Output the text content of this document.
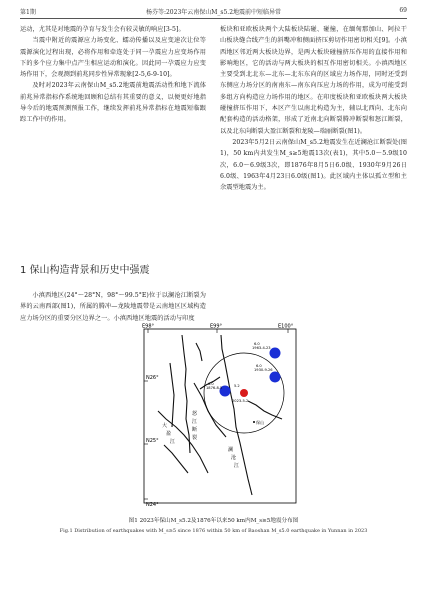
第1期	杨芬等:2023年云南保山M_s5.2地震前中短临异常	69

运动，尤其是对地震的孕育与发生会有较灵敏的响应[3-5]。

当震中附近的震源应力场变化、蠕动传播以及应变速次让位等震源演化过程出现，必将作用和牵连处于同一孕震应力应变场作用下的多个应力集中点产生相应运动和演化。因此同一孕震应力应变场作用下，会观测到前兆同步性异常现象[2-5,6-9-10]。

及时对2023年云南保山M_s5.2地震前地震活动性和地下流体前兆异常指标作系统地回顾和总结有其重要的意义，以便更好地指导今后的地震预测预报工作，继续发挥前兆异常指标在地震短临跟踪工作中的作用。

1 保山构造背景和历史中强震

小滇西地区(24°～28°N，98°～99.5°E)位于以澜沧江断裂为界的云南西部(图1)，所属的腾冲—龙陵地震带是云南地区区域构造应力场分区的重要分区边界之一。小滇西地区地震的活动与印度

板块和亚欧板块两个大陆板块陆碰、碰撞，在缅甸那加山、阿拉干山板块缝合线产生的斜嘴冲和侧面挤压剪切作用密切相关[9]。小滇西地区邻近两大板块边界，是两大板块碰撞挤压作用的直接作用和影响地区，它的活动与两大板块的相互作用密切相关。小滇西地区主要受到北北东—北东—北东东向的区域应力场作用，同时还受到东侧应力场分区的南南东—南东向压应力场的作用，成为可能受到多组方向构造应力场作用的地区。在印度板块和亚欧板块两大板块碰撞挤压作用下，本区产生以南北构造为主，辅以北西向、北东向配套构造的活动格架，形成了近南北向断裂腾冲断裂和怒江断裂，以及北东向断裂大盈江断裂和龙陵—瑞丽断裂(图1)。

2023年5月2日云南保山M_s5.2地震发生在近澜沧江断裂处(图1)，50 km内共发生M_s≥5地震13次(表1)，其中5.0～5.9级10次，6.0～6.9级3次，即1876年8月5日6.0级、1930年9月26日6.0级、1963年4月23日6.0级(图1)。此区域内主体以孤立型和主余震型地震为主。

E98°	E99°	E100°
N26°
N25°
N24°
6.0
1963-4-23
6.0
1930-9-26
6.0
1876-8-5	5.2
2023-5-2
保山
怒
江
断
裂
澜
沧
江
大
盈
江
图1 2023年保山M_s5.2及1876年以来50 km内M_s≥5地震分布图
Fig.1 Distribution of earthquakes with M_s≥5 since 1876 within 50 km of Baoshan M_s5.0 earthquake in Yunnan in 2023
